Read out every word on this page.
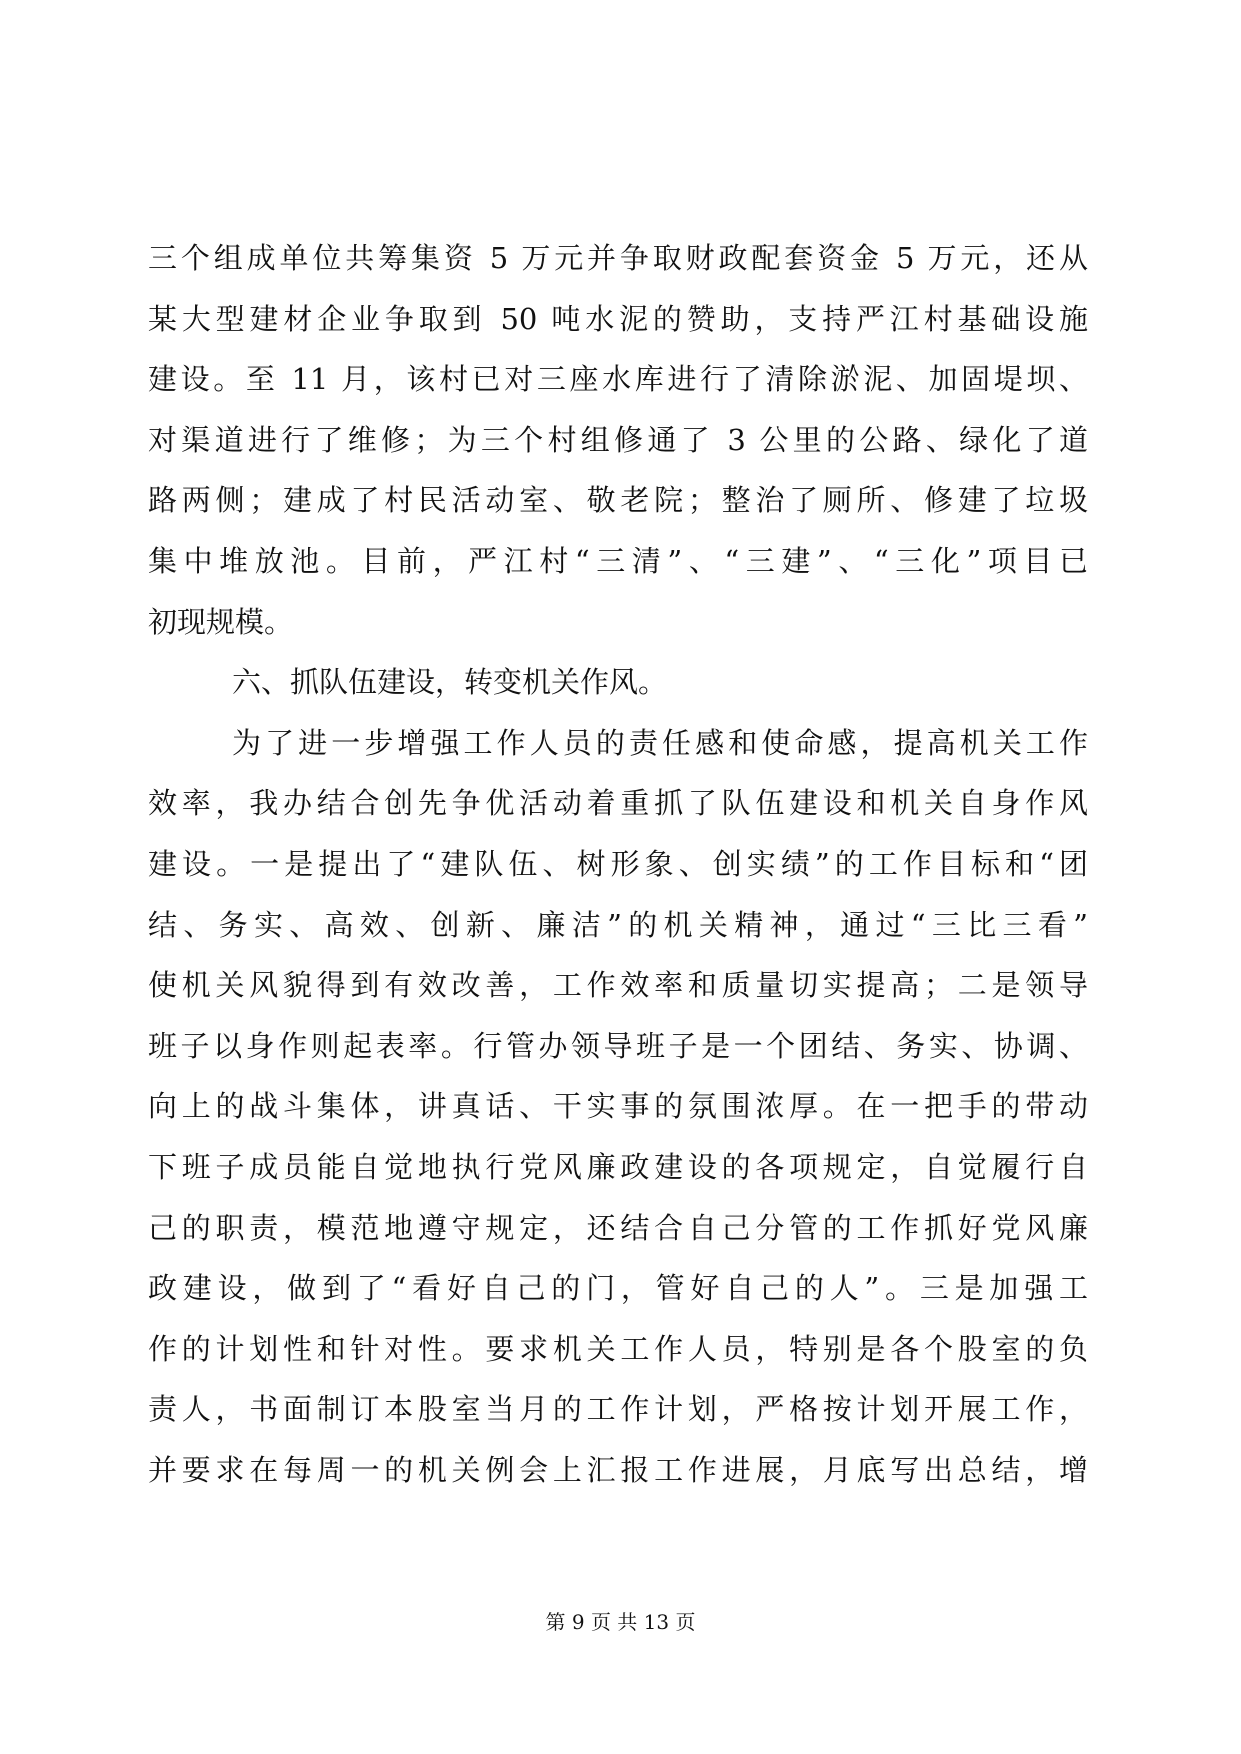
三个组成单位共筹集资 5 万元并争取财政配套资金 5 万元，还从
某大型建材企业争取到 50 吨水泥的赞助，支持严江村基础设施
建设。至 11 月，该村已对三座水库进行了清除淤泥、加固堤坝、
对渠道进行了维修；为三个村组修通了 3 公里的公路、绿化了道
路两侧；建成了村民活动室、敬老院；整治了厕所、修建了垃圾
集中堆放池。目前，严江村“三清”、“三建”、“三化”项目已
初现规模。
六、抓队伍建设，转变机关作风。
为了进一步增强工作人员的责任感和使命感，提高机关工作
效率，我办结合创先争优活动着重抓了队伍建设和机关自身作风
建设。一是提出了“建队伍、树形象、创实绩”的工作目标和“团
结、务实、高效、创新、廉洁”的机关精神，通过“三比三看”
使机关风貌得到有效改善，工作效率和质量切实提高；二是领导
班子以身作则起表率。行管办领导班子是一个团结、务实、协调、
向上的战斗集体，讲真话、干实事的氛围浓厚。在一把手的带动
下班子成员能自觉地执行党风廉政建设的各项规定，自觉履行自
己的职责，模范地遵守规定，还结合自己分管的工作抓好党风廉
政建设，做到了“看好自己的门，管好自己的人”。三是加强工
作的计划性和针对性。要求机关工作人员，特别是各个股室的负
责人，书面制订本股室当月的工作计划，严格按计划开展工作，
并要求在每周一的机关例会上汇报工作进展，月底写出总结，增
第 9 页 共 13 页
